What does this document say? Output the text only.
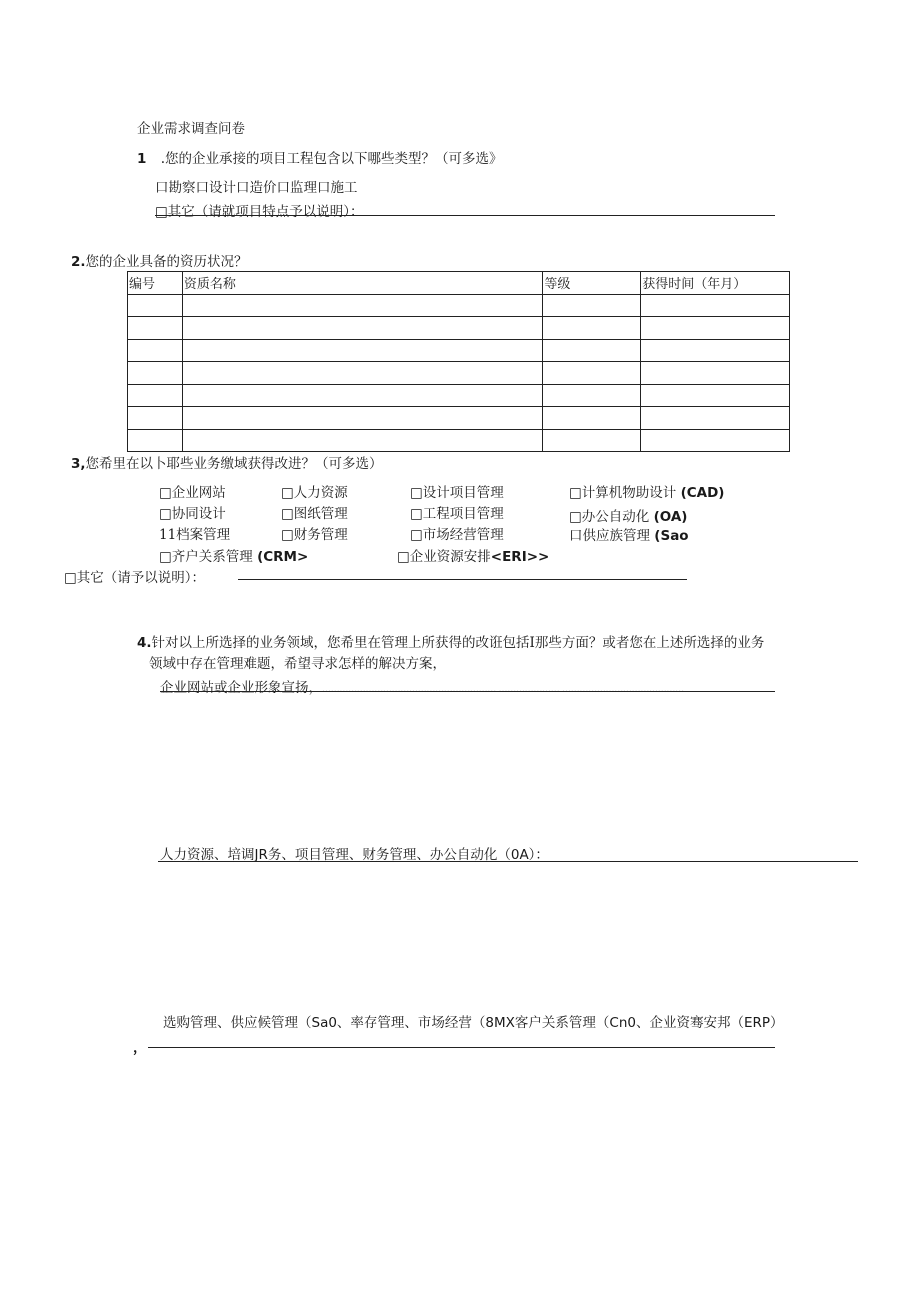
企业需求调查问卷
1 .您的企业承接的项目工程包含以下哪些类型？（可多选》
口勘察口设计口造价口监理口施工
□其它（请就项目特点予以说明）：
2.您的企业具备的资历状况？
编号	资质名称	等级	获得时间（年月）

3,您希里在以卜耶些业务缴域获得改进？（可多选）
□企业网站	□人力资源	□设计项目管理	□计算机物助设计 (CAD)
□协同设计	□图纸管理	□工程项目管理	□办公自动化 (OA)
11档案管理	□财务管理	□市场经营管理	口供应族管理 (Sao
□齐户关系管理 (CRM>	□企业资源安排<ERI>>
□其它（请予以说明）：
4.针对以上所选择的业务领域，您希里在管理上所获得的改诳包括I那些方面？或者您在上述所选择的业务
领域中存在管理难题，希望寻求怎样的解决方案，
企业网站或企业形象宣扬，…………………………………………………… ………………… ……………………………………
人力资源、培调JR务、项目管理、财务管理、办公自动化（0A）：
选购管理、供应候管理（Sa0、率存管理、市场经营（8MX客户关系管理（Cn0、企业资骞安邦（ERP）
，
